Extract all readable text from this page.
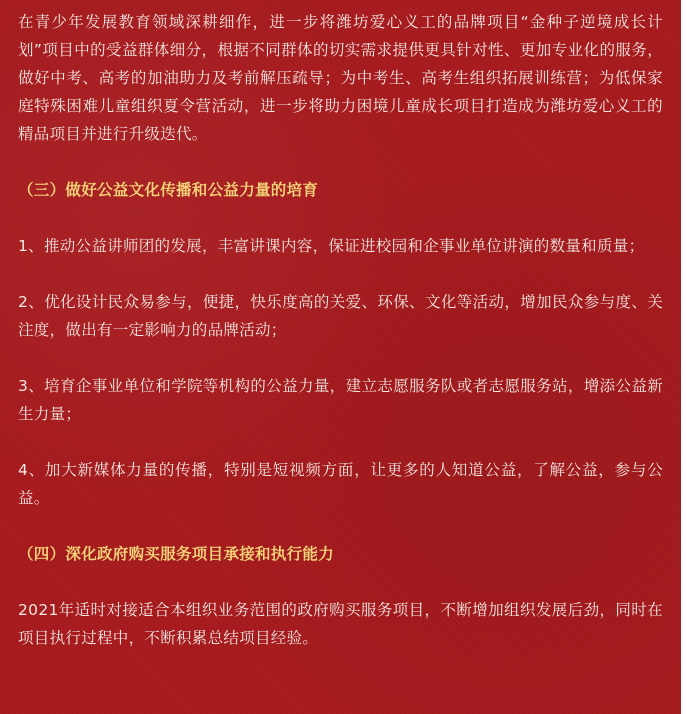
在青少年发展教育领域深耕细作，进一步将潍坊爱心义工的品牌项目“金种子逆境成长计划”项目中的受益群体细分，根据不同群体的切实需求提供更具针对性、更加专业化的服务，做好中考、高考的加油助力及考前解压疏导；为中考生、高考生组织拓展训练营；为低保家庭特殊困难儿童组织夏令营活动，进一步将助力困境儿童成长项目打造成为潍坊爱心义工的精品项目并进行升级迭代。

（三）做好公益文化传播和公益力量的培育

1、推动公益讲师团的发展，丰富讲课内容，保证进校园和企事业单位讲演的数量和质量；

2、优化设计民众易参与，便捷，快乐度高的关爱、环保、文化等活动，增加民众参与度、关注度，做出有一定影响力的品牌活动；

3、培育企事业单位和学院等机构的公益力量，建立志愿服务队或者志愿服务站，增添公益新生力量；

4、加大新媒体力量的传播，特别是短视频方面，让更多的人知道公益，了解公益，参与公益。

（四）深化政府购买服务项目承接和执行能力

2021年适时对接适合本组织业务范围的政府购买服务项目，不断增加组织发展后劲，同时在项目执行过程中，不断积累总结项目经验。
